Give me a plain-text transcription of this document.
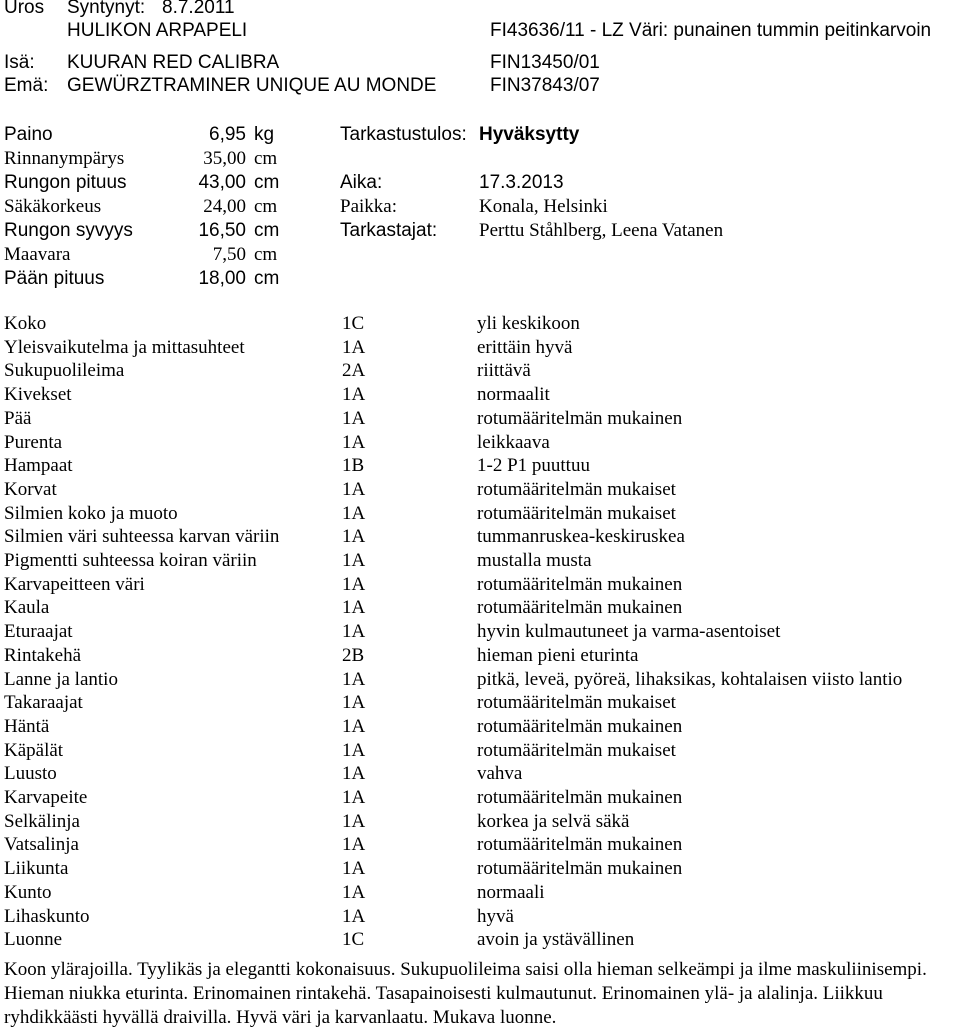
Uros Syntynyt: 8.7.2011
HULIKON ARPAPELI	FI43636/11 - LZ Väri: punainen tummin peitinkarvoin
Isä: KUURAN RED CALIBRA	FIN13450/01
Emä: GEWÜRZTRAMINER UNIQUE AU MONDE	FIN37843/07
Paino	6,95 kg
Rinnanympärys	35,00 cm
Rungon pituus	43,00 cm
Säkäkorkeus	24,00 cm
Rungon syvyys	16,50 cm
Maavara	7,50 cm
Pään pituus	18,00 cm
Tarkastustulos: Hyväksytty
Aika:	17.3.2013
Paikka:	Konala, Helsinki
Tarkastajat: Perttu Ståhlberg, Leena Vatanen
Koko	1C	yli keskikoon
Yleisvaikutelma ja mittasuhteet	1A	erittäin hyvä
Sukupuolileima	2A	riittävä
Kivekset	1A	normaalit
Pää	1A	rotumääritelmän mukainen
Purenta	1A	leikkaava
Hampaat	1B	1-2 P1 puuttuu
Korvat	1A	rotumääritelmän mukaiset
Silmien koko ja muoto	1A	rotumääritelmän mukaiset
Silmien väri suhteessa karvan väriin	1A	tummanruskea-keskiruskea
Pigmentti suhteessa koiran väriin	1A	mustalla musta
Karvapeitteen väri	1A	rotumääritelmän mukainen
Kaula	1A	rotumääritelmän mukainen
Eturaajat	1A	hyvin kulmautuneet ja varma-asentoiset
Rintakehä	2B	hieman pieni eturinta
Lanne ja lantio	1A	pitkä, leveä, pyöreä, lihaksikas, kohtalaisen viisto lantio
Takaraajat	1A	rotumääritelmän mukaiset
Häntä	1A	rotumääritelmän mukainen
Käpälät	1A	rotumääritelmän mukaiset
Luusto	1A	vahva
Karvapeite	1A	rotumääritelmän mukainen
Selkälinja	1A	korkea ja selvä säkä
Vatsalinja	1A	rotumääritelmän mukainen
Liikunta	1A	rotumääritelmän mukainen
Kunto	1A	normaali
Lihaskunto	1A	hyvä
Luonne	1C	avoin ja ystävällinen
Koon ylärajoilla. Tyylikäs ja elegantti kokonaisuus. Sukupuolileima saisi olla hieman selkeämpi ja ilme maskuliinisempi. Hieman niukka eturinta. Erinomainen rintakehä. Tasapainoisesti kulmautunut. Erinomainen ylä- ja alalinja. Liikkuu ryhdikkäästi hyvällä draivilla. Hyvä väri ja karvanlaatu. Mukava luonne.
